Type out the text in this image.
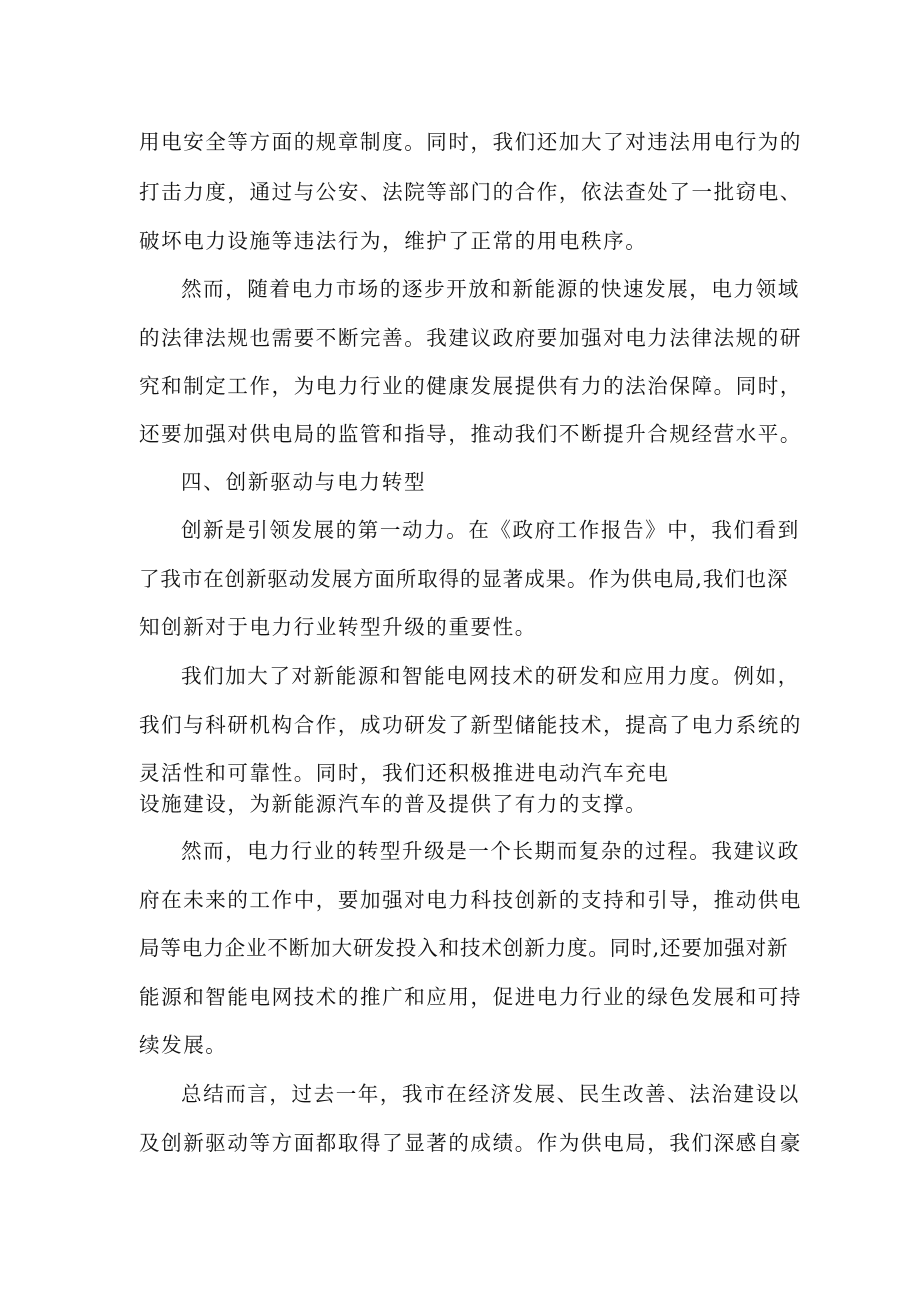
用电安全等方面的规章制度。同时，我们还加大了对违法用电行为的

打击力度，通过与公安、法院等部门的合作，依法查处了一批窃电、

破坏电力设施等违法行为，维护了正常的用电秩序。

然而，随着电力市场的逐步开放和新能源的快速发展，电力领域

的法律法规也需要不断完善。我建议政府要加强对电力法律法规的研

究和制定工作，为电力行业的健康发展提供有力的法治保障。同时，

还要加强对供电局的监管和指导，推动我们不断提升合规经营水平。

四、创新驱动与电力转型

创新是引领发展的第一动力。在《政府工作报告》中，我们看到

了我市在创新驱动发展方面所取得的显著成果。作为供电局,我们也深

知创新对于电力行业转型升级的重要性。

我们加大了对新能源和智能电网技术的研发和应用力度。例如，

我们与科研机构合作，成功研发了新型储能技术，提高了电力系统的

灵活性和可靠性。同时，我们还积极推进电动汽车充电

设施建设，为新能源汽车的普及提供了有力的支撑。

然而，电力行业的转型升级是一个长期而复杂的过程。我建议政

府在未来的工作中，要加强对电力科技创新的支持和引导，推动供电

局等电力企业不断加大研发投入和技术创新力度。同时,还要加强对新

能源和智能电网技术的推广和应用，促进电力行业的绿色发展和可持

续发展。

总结而言，过去一年，我市在经济发展、民生改善、法治建设以

及创新驱动等方面都取得了显著的成绩。作为供电局，我们深感自豪
